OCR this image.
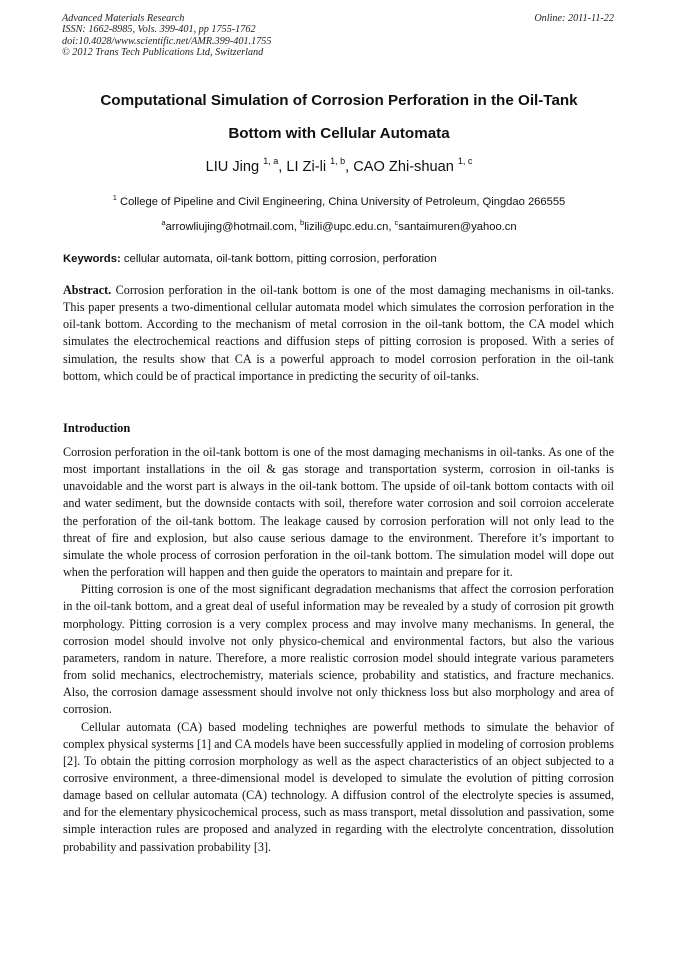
Advanced Materials Research
ISSN: 1662-8985, Vols. 399-401, pp 1755-1762
doi:10.4028/www.scientific.net/AMR.399-401.1755
© 2012 Trans Tech Publications Ltd, Switzerland
Online: 2011-11-22
Computational Simulation of Corrosion Perforation in the Oil-Tank
Bottom with Cellular Automata
LIU Jing $^{1, a}$, LI Zi-li $^{1, b}$, CAO Zhi-shuan $^{1, c}$
$^1$ College of Pipeline and Civil Engineering, China University of Petroleum, Qingdao 266555
$^a$arrowliujing@hotmail.com, $^b$lizili@upc.edu.cn, $^c$santaimuren@yahoo.cn
Keywords: cellular automata, oil-tank bottom, pitting corrosion, perforation

Abstract. Corrosion perforation in the oil-tank bottom is one of the most damaging mechanisms in oil-tanks. This paper presents a two-dimentional cellular automata model which simulates the corrosion perforation in the oil-tank bottom. According to the mechanism of metal corrosion in the oil-tank bottom, the CA model which simulates the electrochemical reactions and diffusion steps of pitting corrosion is proposed. With a series of simulation, the results show that CA is a powerful approach to model corrosion perforation in the oil-tank bottom, which could be of practical importance in predicting the security of oil-tanks.

Introduction

Corrosion perforation in the oil-tank bottom is one of the most damaging mechanisms in oil-tanks. As one of the most important installations in the oil & gas storage and transportation systerm, corrosion in oil-tanks is unavoidable and the worst part is always in the oil-tank bottom. The upside of oil-tank bottom contacts with oil and water sediment, but the downside contacts with soil, therefore water corrosion and soil corroion accelerate the perforation of the oil-tank bottom. The leakage caused by corrosion perforation will not only lead to the threat of fire and explosion, but also cause serious damage to the environment. Therefore it’s important to simulate the whole process of corrosion perforation in the oil-tank bottom. The simulation model will dope out when the perforation will happen and then guide the operators to maintain and prepare for it.

Pitting corrosion is one of the most significant degradation mechanisms that affect the corrosion perforation in the oil-tank bottom, and a great deal of useful information may be revealed by a study of corrosion pit growth morphology. Pitting corrosion is a very complex process and may involve many mechanisms. In general, the corrosion model should involve not only physico-chemical and environmental factors, but also the various parameters, random in nature. Therefore, a more realistic corrosion model should integrate various parameters from solid mechanics, electrochemistry, materials science, probability and statistics, and fracture mechanics. Also, the corrosion damage assessment should involve not only thickness loss but also morphology and area of corrosion.

Cellular automata (CA) based modeling techniqhes are powerful methods to simulate the behavior of complex physical systerms [1] and CA models have been successfully applied in modeling of corrosion problems [2]. To obtain the pitting corrosion morphology as well as the aspect characteristics of an object subjected to a corrosive environment, a three-dimensional model is developed to simulate the evolution of pitting corrosion damage based on cellular automata (CA) technology. A diffusion control of the electrolyte species is assumed, and for the elementary physicochemical process, such as mass transport, metal dissolution and passivation, some simple interaction rules are proposed and analyzed in regarding with the electrolyte concentration, dissolution probability and passivation probability [3].
